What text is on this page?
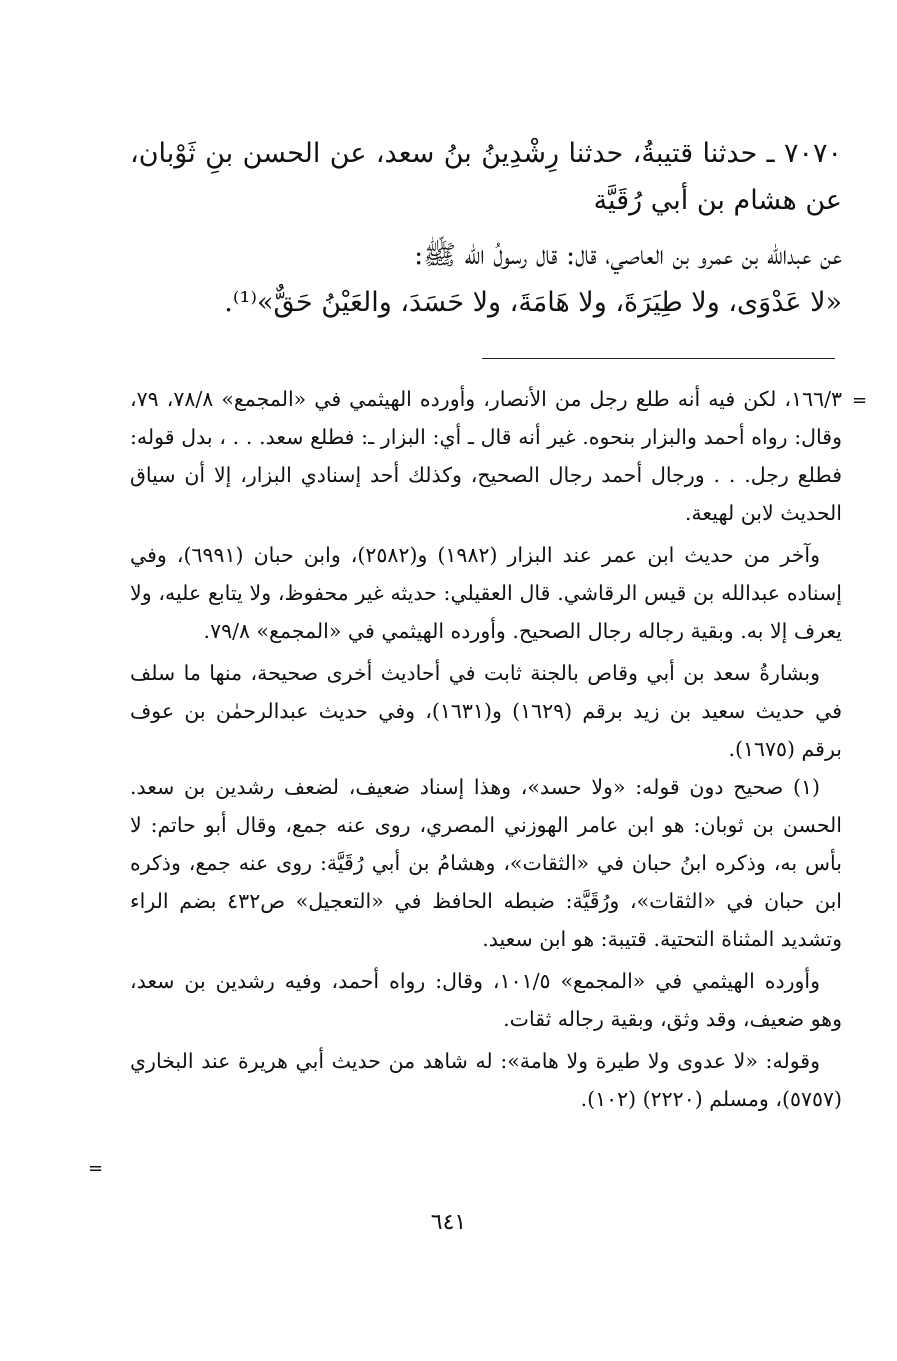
٧٠٧٠ ـ حدثنا قتيبةُ، حدثنا رِشْدِينُ بنُ سعد، عن الحسن بنِ ثَوْبان، عن هشام بن أبي رُقَيَّة

عن عبدالله بن عمرو بن العاصي، قال: قال رسولُ الله ﷺ:

«لا عَدْوَى، ولا طِيَرَةَ، ولا هَامَةَ، ولا حَسَدَ، والعَيْنُ حَقٌّ»⁽¹⁾.

=

١٦٦/٣، لكن فيه أنه طلع رجل من الأنصار، وأورده الهيثمي في «المجمع» ٧٨/٨، ٧٩، وقال: رواه أحمد والبزار بنحوه. غير أنه قال ـ أي: البزار ـ: فطلع سعد. . . ، بدل قوله: فطلع رجل. . . ورجال أحمد رجال الصحيح، وكذلك أحد إسنادي البزار، إلا أن سياق الحديث لابن لهيعة.

وآخر من حديث ابن عمر عند البزار (١٩٨٢) و(٢٥٨٢)، وابن حبان (٦٩٩١)، وفي إسناده عبدالله بن قيس الرقاشي. قال العقيلي: حديثه غير محفوظ، ولا يتابع عليه، ولا يعرف إلا به. وبقية رجاله رجال الصحيح. وأورده الهيثمي في «المجمع» ٧٩/٨.

وبشارةُ سعد بن أبي وقاص بالجنة ثابت في أحاديث أخرى صحيحة، منها ما سلف في حديث سعيد بن زيد برقم (١٦٢٩) و(١٦٣١)، وفي حديث عبدالرحمٰن بن عوف برقم (١٦٧٥).

(١) صحيح دون قوله: «ولا حسد»، وهذا إسناد ضعيف، لضعف رشدين بن سعد. الحسن بن ثوبان: هو ابن عامر الهوزني المصري، روى عنه جمع، وقال أبو حاتم: لا بأس به، وذكره ابنُ حبان في «الثقات»، وهشامُ بن أبي رُقَيَّة: روى عنه جمع، وذكره ابن حبان في «الثقات»، ورُقَيَّة: ضبطه الحافظ في «التعجيل» ص٤٣٢ بضم الراء وتشديد المثناة التحتية. قتيبة: هو ابن سعيد.

وأورده الهيثمي في «المجمع» ١٠١/٥، وقال: رواه أحمد، وفيه رشدين بن سعد، وهو ضعيف، وقد وثق، وبقية رجاله ثقات.

وقوله: «لا عدوى ولا طيرة ولا هامة»: له شاهد من حديث أبي هريرة عند البخاري (٥٧٥٧)، ومسلم (٢٢٢٠) (١٠٢).

=
٦٤١
